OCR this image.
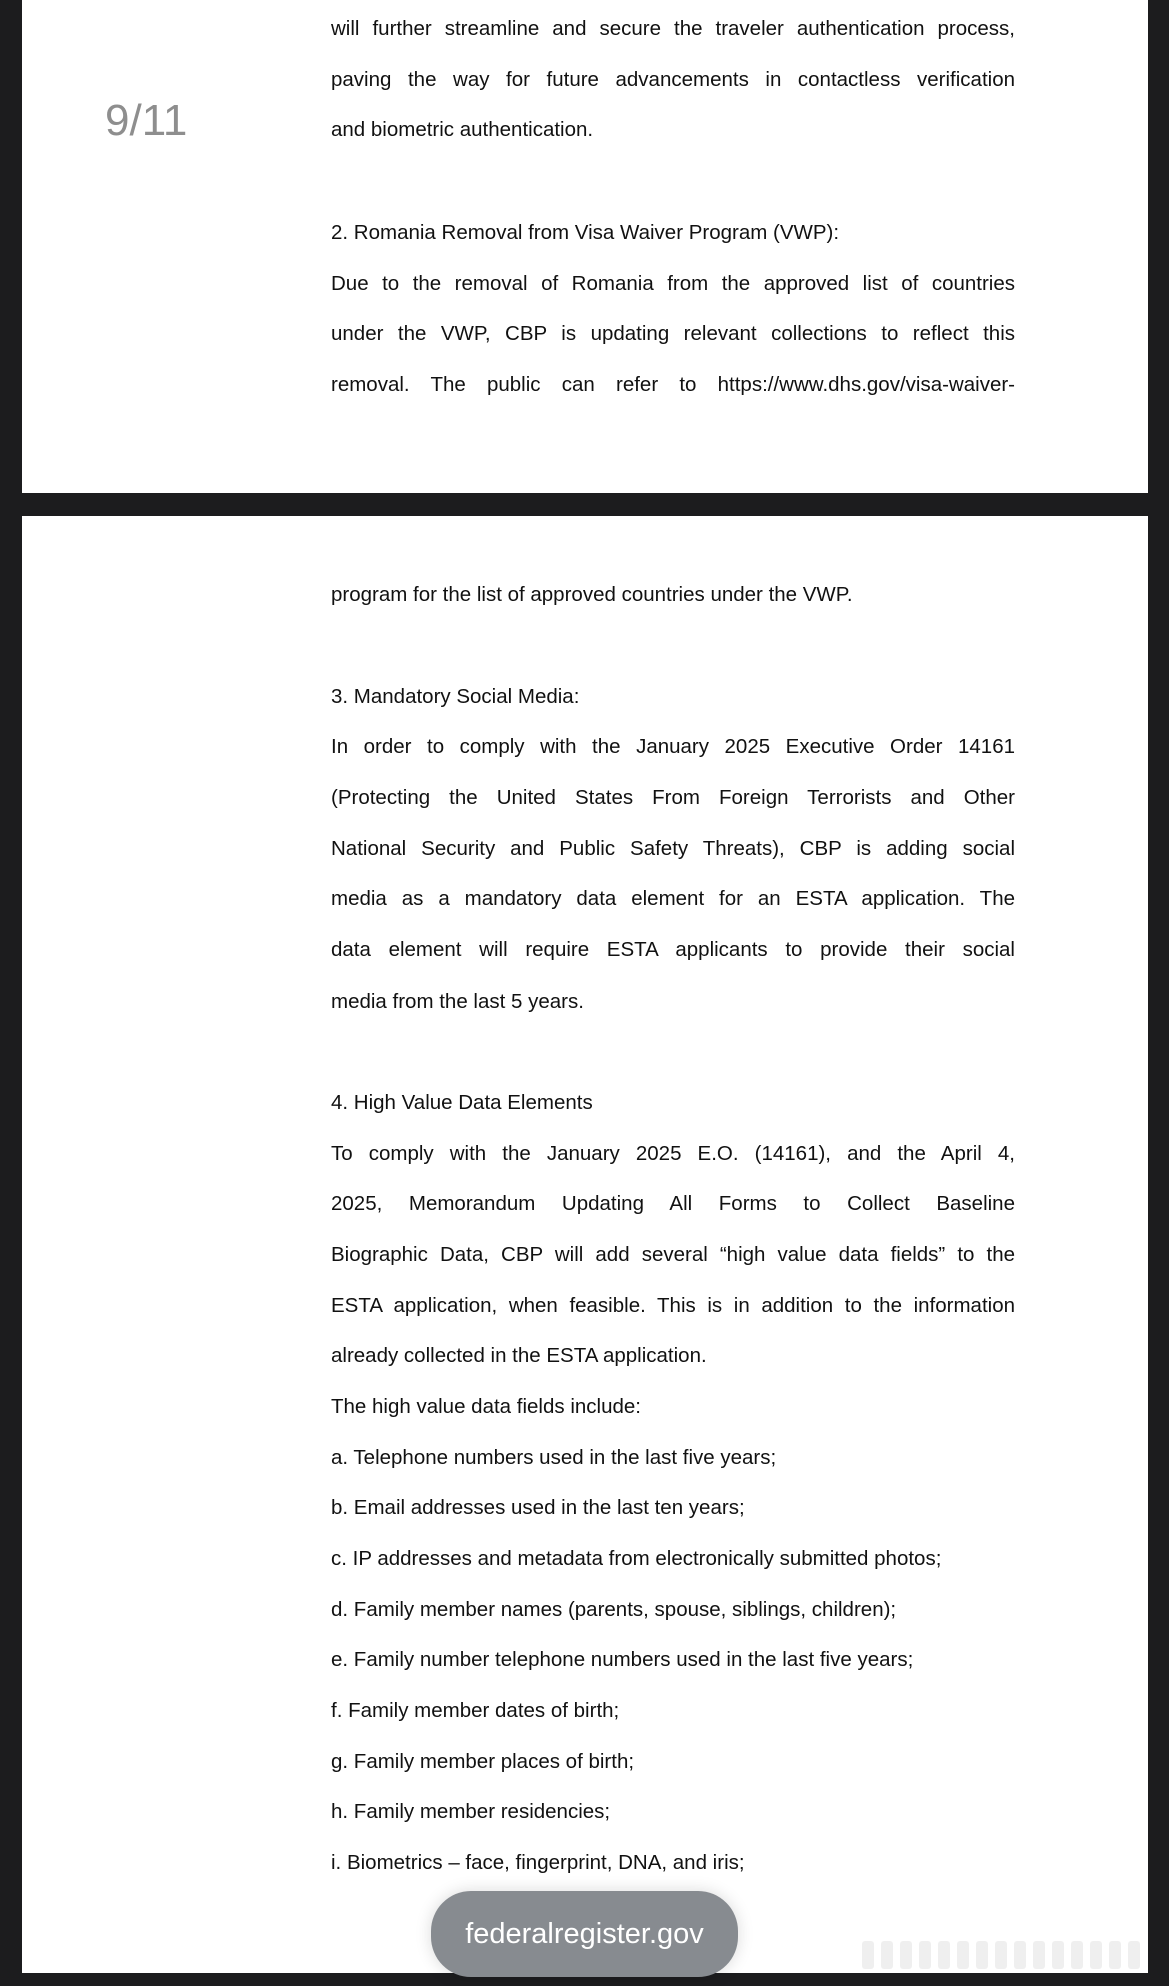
9/11
will further streamline and secure the traveler authentication process,
paving the way for future advancements in contactless verification
and biometric authentication.
2. Romania Removal from Visa Waiver Program (VWP):
Due to the removal of Romania from the approved list of countries
under the VWP, CBP is updating relevant collections to reflect this
removal. The public can refer to https://www.dhs.gov/visa-waiver-
program for the list of approved countries under the VWP.
3. Mandatory Social Media:
In order to comply with the January 2025 Executive Order 14161
(Protecting the United States From Foreign Terrorists and Other
National Security and Public Safety Threats), CBP is adding social
media as a mandatory data element for an ESTA application. The
data element will require ESTA applicants to provide their social
media from the last 5 years.
4. High Value Data Elements
To comply with the January 2025 E.O. (14161), and the April 4,
2025, Memorandum Updating All Forms to Collect Baseline
Biographic Data, CBP will add several “high value data fields” to the
ESTA application, when feasible. This is in addition to the information
already collected in the ESTA application.
The high value data fields include:
a. Telephone numbers used in the last five years;
b. Email addresses used in the last ten years;
c. IP addresses and metadata from electronically submitted photos;
d. Family member names (parents, spouse, siblings, children);
e. Family number telephone numbers used in the last five years;
f. Family member dates of birth;
g. Family member places of birth;
h. Family member residencies;
i. Biometrics – face, fingerprint, DNA, and iris;
federalregister.gov
